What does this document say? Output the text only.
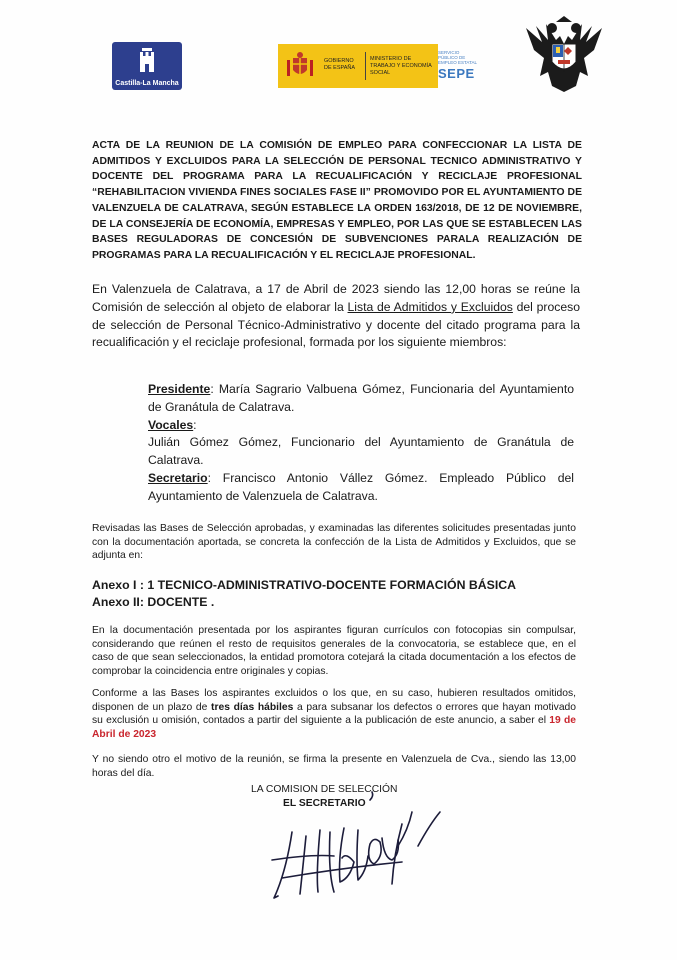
Castilla-La Mancha
GOBIERNO DE ESPAÑA
MINISTERIO DE TRABAJO Y ECONOMÍA SOCIAL
SERVICIO PÚBLICO DE EMPLEO ESTATAL
SEPE
ACTA DE LA REUNION DE LA COMISIÓN DE EMPLEO PARA CONFECCIONAR LA LISTA DE ADMITIDOS Y EXCLUIDOS PARA LA SELECCIÓN DE PERSONAL TECNICO ADMINISTRATIVO Y DOCENTE DEL PROGRAMA PARA LA RECUALIFICACIÓN Y RECICLAJE PROFESIONAL “REHABILITACION VIVIENDA FINES SOCIALES FASE II” PROMOVIDO POR EL AYUNTAMIENTO DE VALENZUELA DE CALATRAVA, SEGÚN ESTABLECE LA ORDEN 163/2018, DE 12 DE NOVIEMBRE, DE LA CONSEJERÍA DE ECONOMÍA, EMPRESAS Y EMPLEO, POR LAS QUE SE ESTABLECEN LAS BASES REGULADORAS DE CONCESIÓN DE SUBVENCIONES PARALA REALIZACIÓN DE PROGRAMAS PARA LA RECUALIFICACIÓN Y EL RECICLAJE PROFESIONAL.

En Valenzuela de Calatrava, a 17 de Abril de 2023 siendo las 12,00 horas se reúne la Comisión de selección al objeto de elaborar la Lista de Admitidos y Excluidos del proceso de selección de Personal Técnico-Administrativo y docente del citado programa para la recualificación y el reciclaje profesional, formada por los siguiente miembros:

Presidente: María Sagrario Valbuena Gómez, Funcionaria del Ayuntamiento de Granátula de Calatrava.

Vocales:

Julián Gómez Gómez, Funcionario del Ayuntamiento de Granátula de Calatrava.

Secretario: Francisco Antonio Vállez Gómez. Empleado Público del Ayuntamiento de Valenzuela de Calatrava.

Revisadas las Bases de Selección aprobadas, y examinadas las diferentes solicitudes presentadas junto con la documentación aportada, se concreta la confección de la Lista de Admitidos y Excluidos, que se adjunta en:

Anexo I : 1 TECNICO-ADMINISTRATIVO-DOCENTE FORMACIÓN BÁSICA
Anexo II: DOCENTE .

En la documentación presentada por los aspirantes figuran currículos con fotocopias sin compulsar, considerando que reúnen el resto de requisitos generales de la convocatoria, se establece que, en el caso de que sean seleccionados, la entidad promotora cotejará la citada documentación a los efectos de comprobar la coincidencia entre originales y copias.

Conforme a las Bases los aspirantes excluidos o los que, en su caso, hubieren resultados omitidos, disponen de un plazo de tres días hábiles a para subsanar los defectos o errores que hayan motivado su exclusión u omisión, contados a partir del siguiente a la publicación de este anuncio, a saber el 19 de Abril de 2023

Y no siendo otro el motivo de la reunión, se firma la presente en Valenzuela de Cva., siendo las 13,00 horas del día.

LA COMISION DE SELECCIÓN
EL SECRETARIO
